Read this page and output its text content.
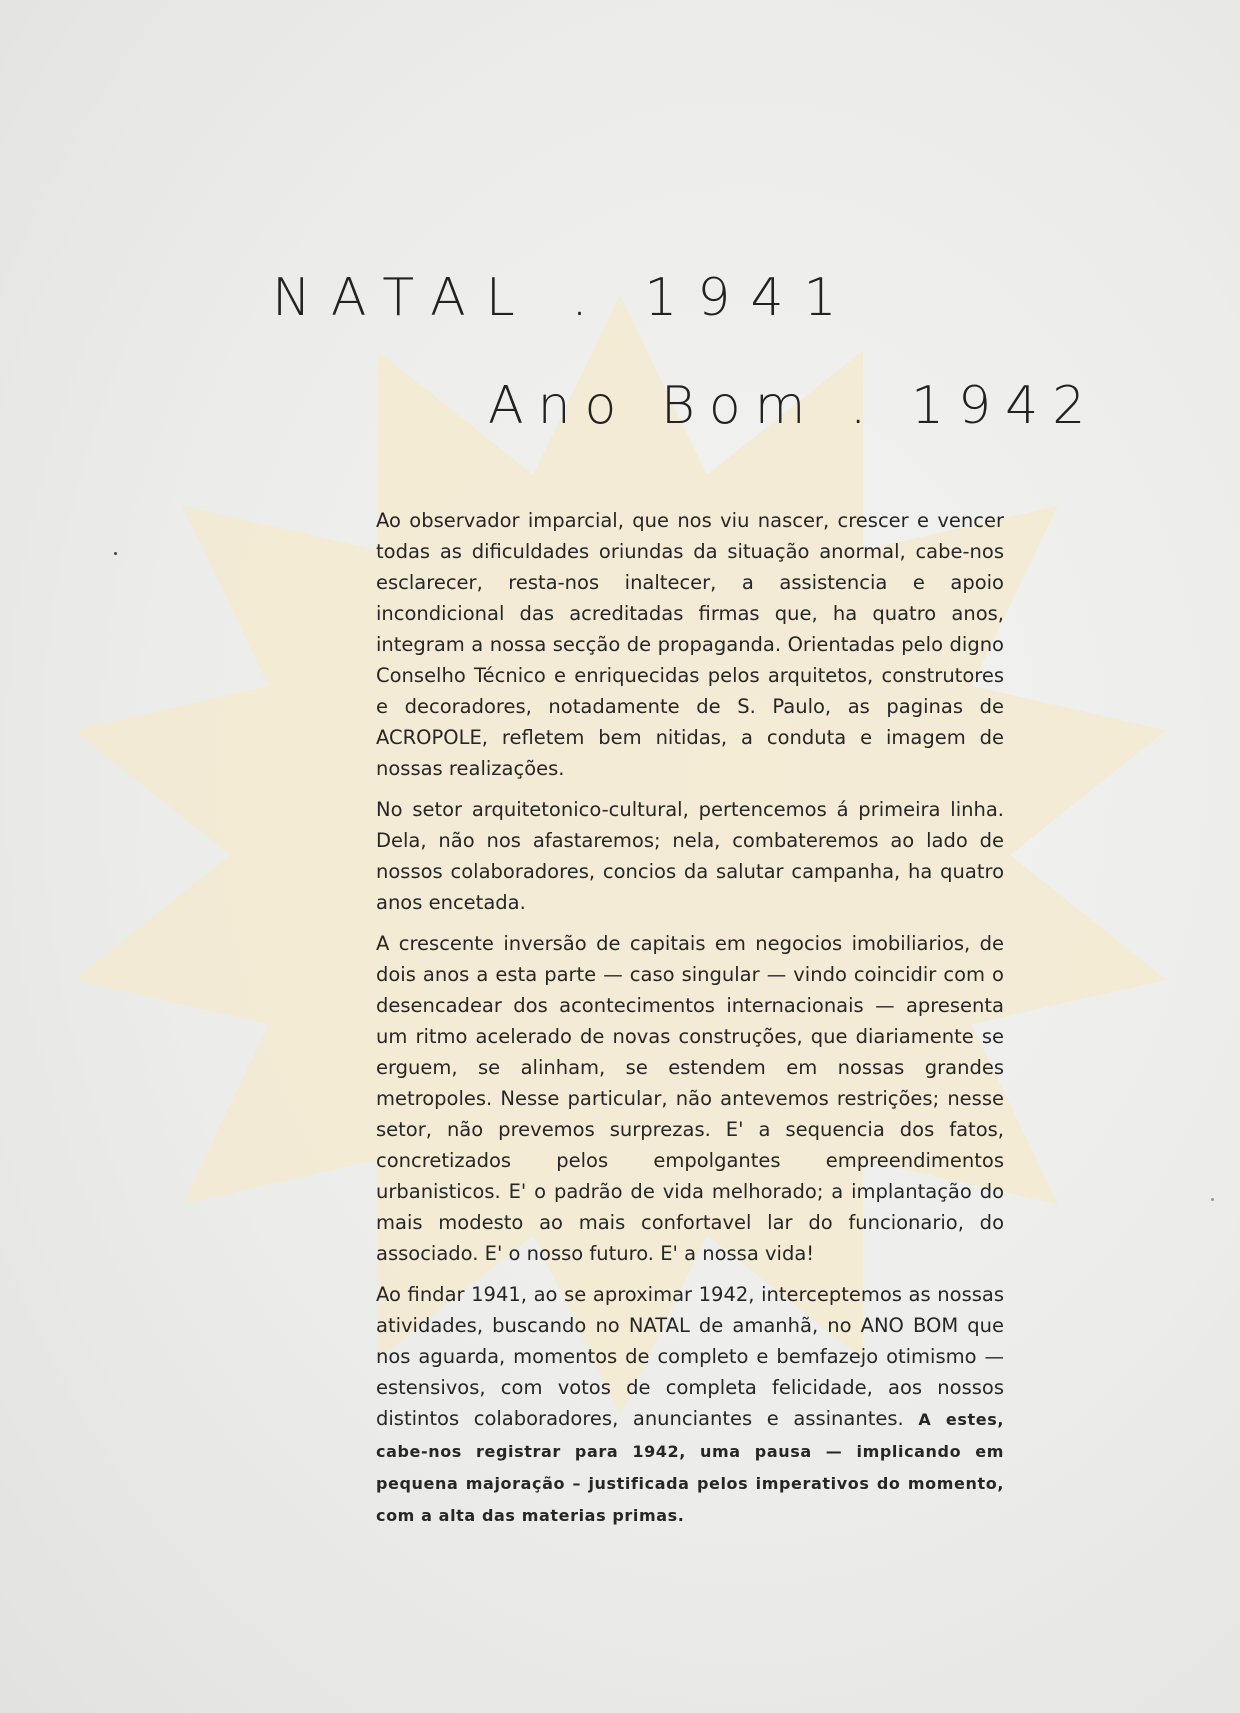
NATAL . 1941
Ano Bom . 1942

Ao observador imparcial, que nos viu nascer, crescer e vencer todas as dificuldades oriundas da situação anormal, cabe-nos esclarecer, resta-nos inaltecer, a assistencia e apoio incondicional das acreditadas firmas que, ha quatro anos, integram a nossa secção de propaganda. Orientadas pelo digno Conselho Técnico e enriquecidas pelos arquitetos, construtores e decoradores, notadamente de S. Paulo, as paginas de ACROPOLE, refletem bem nitidas, a conduta e imagem de nossas realizações.

No setor arquitetonico-cultural, pertencemos á primeira linha. Dela, não nos afastaremos; nela, combateremos ao lado de nossos colaboradores, concios da salutar campanha, ha quatro anos encetada.

A crescente inversão de capitais em negocios imobiliarios, de dois anos a esta parte — caso singular — vindo coincidir com o desencadear dos acontecimentos internacionais — apresenta um ritmo acelerado de novas construções, que diariamente se erguem, se alinham, se estendem em nossas grandes metropoles. Nesse particular, não antevemos restrições; nesse setor, não prevemos surprezas. E' a sequencia dos fatos, concretizados pelos empolgantes empreendimentos urbanisticos. E' o padrão de vida melhorado; a implantação do mais modesto ao mais confortavel lar do funcionario, do associado. E' o nosso futuro. E' a nossa vida!

Ao findar 1941, ao se aproximar 1942, interceptemos as nossas atividades, buscando no NATAL de amanhã, no ANO BOM que nos aguarda, momentos de completo e bemfazejo otimismo — estensivos, com votos de completa felicidade, aos nossos distintos colaboradores, anunciantes e assinantes. A estes, cabe-nos registrar para 1942, uma pausa — implicando em pequena majoração – justificada pelos imperativos do momento, com a alta das materias primas.
